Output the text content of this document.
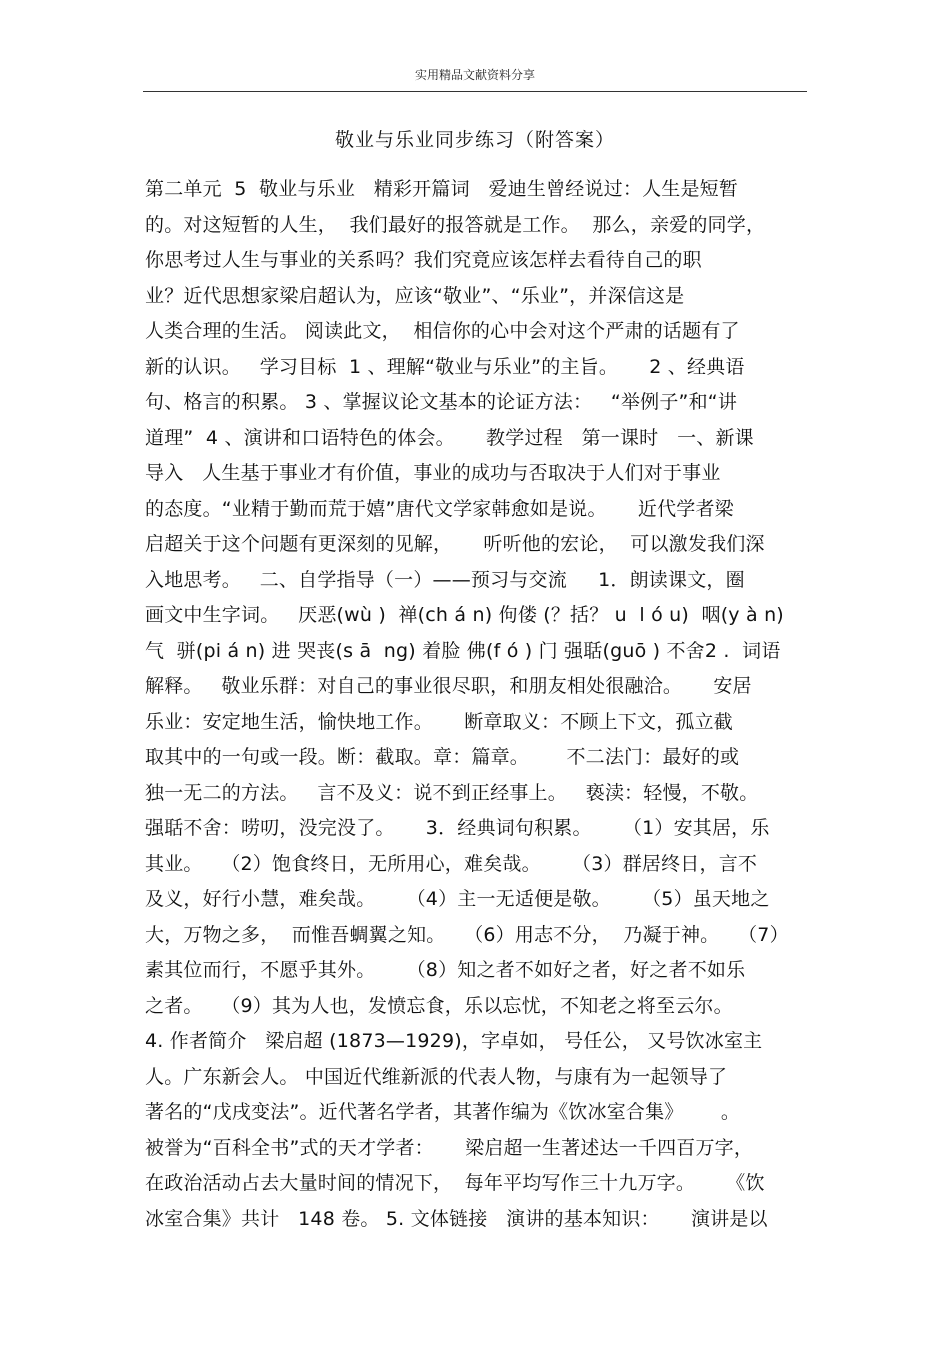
实用精品文献资料分享
敬业与乐业同步练习（附答案）
第二单元  5  敬业与乐业   精彩开篇词   爱迪生曾经说过：人生是短暂
的。对这短暂的人生，  我们最好的报答就是工作。  那么，亲爱的同学，
你思考过人生与事业的关系吗？我们究竟应该怎样去看待自己的职
业？近代思想家梁启超认为，应该“敬业”、“乐业”，并深信这是
人类合理的生活。 阅读此文，  相信你的心中会对这个严肃的话题有了
新的认识。   学习目标  1 、理解“敬业与乐业”的主旨。     2 、经典语
句、格言的积累。 3 、掌握议论文基本的论证方法：   “举例子”和“讲
道理”  4 、演讲和口语特色的体会。     教学过程   第一课时   一、新课
导入   人生基于事业才有价值，事业的成功与否取决于人们对于事业
的态度。“业精于勤而荒于嬉”唐代文学家韩愈如是说。     近代学者梁
启超关于这个问题有更深刻的见解，     听听他的宏论，  可以激发我们深
入地思考。   二、自学指导（一）——预习与交流     1．朗读课文，圈
画文中生字词。   厌恶(wù )  禅(ch á n) 佝偻 (？括？ u  l ó u)  咽(y à n)
气  骈(pi á n) 进 哭丧(s ā  ng) 着脸 佛(f ó ) 门 强聒(guō ) 不舍2 .  词语
解释。   敬业乐群：对自己的事业很尽职，和朋友相处很融洽。     安居
乐业：安定地生活，愉快地工作。     断章取义：不顾上下文，孤立截
取其中的一句或一段。断：截取。章：篇章。      不二法门：最好的或
独一无二的方法。   言不及义：说不到正经事上。   亵渎：轻慢，不敬。
强聒不舍：唠叨，没完没了。     3．经典词句积累。     （1）安其居，乐
其业。   （2）饱食终日，无所用心，难矣哉。     （3）群居终日，言不
及义，好行小慧，难矣哉。     （4）主一无适便是敬。     （5）虽天地之
大，万物之多，  而惟吾蜩翼之知。   （6）用志不分，  乃凝于神。   （7）
素其位而行，不愿乎其外。     （8）知之者不如好之者，好之者不如乐
之者。   （9）其为人也，发愤忘食，乐以忘忧，不知老之将至云尔。
4. 作者简介   梁启超 (1873—1929)，字卓如， 号任公， 又号饮冰室主
人。广东新会人。 中国近代维新派的代表人物，与康有为一起领导了
著名的“戊戌变法”。近代著名学者，其著作编为《饮冰室合集》      。
被誉为“百科全书”式的天才学者：     梁启超一生著述达一千四百万字，
在政治活动占去大量时间的情况下，  每年平均写作三十九万字。     《饮
冰室合集》共计   148 卷。 5. 文体链接   演讲的基本知识：     演讲是以
